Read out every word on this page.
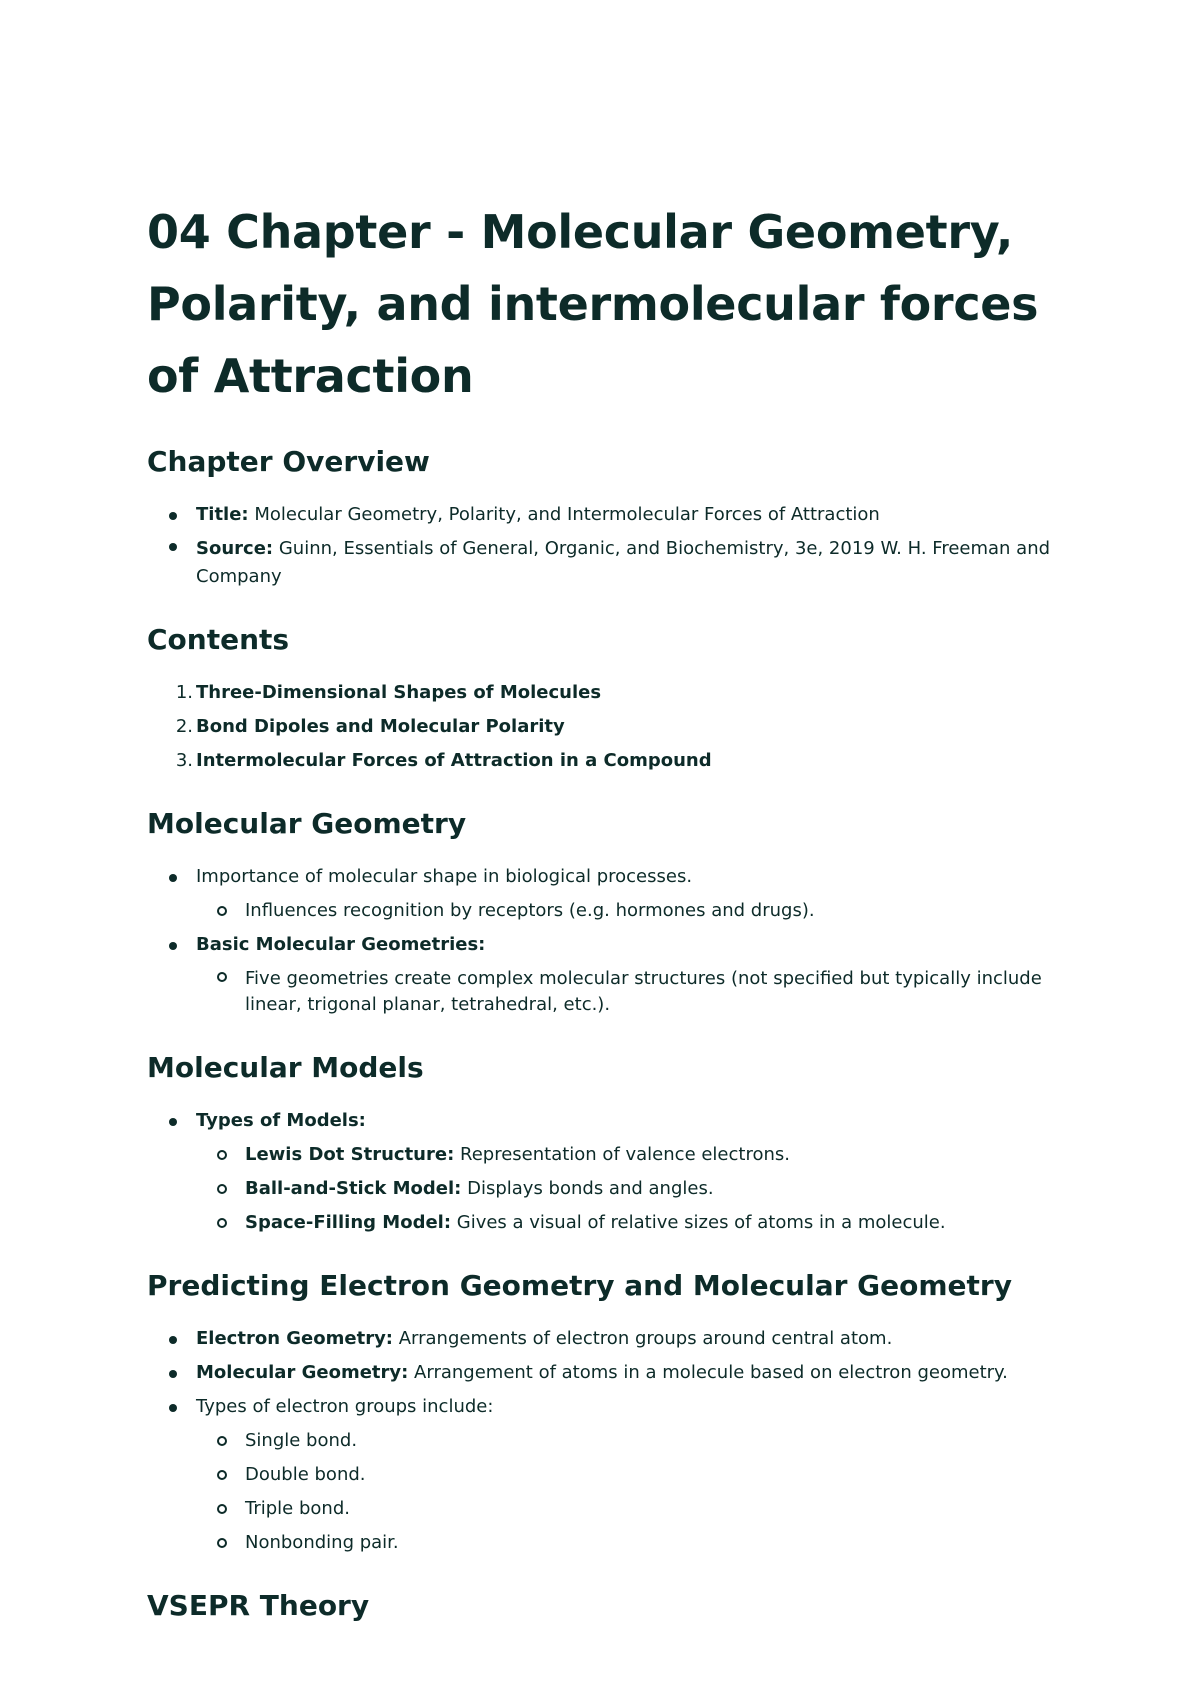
04 Chapter - Molecular Geometry, Polarity, and intermolecular forces of Attraction
Chapter Overview
Title: Molecular Geometry, Polarity, and Intermolecular Forces of Attraction
Source: Guinn, Essentials of General, Organic, and Biochemistry, 3e, 2019 W. H. Freeman and Company
Contents
1. Three-Dimensional Shapes of Molecules
2. Bond Dipoles and Molecular Polarity
3. Intermolecular Forces of Attraction in a Compound
Molecular Geometry
Importance of molecular shape in biological processes.
Influences recognition by receptors (e.g. hormones and drugs).
Basic Molecular Geometries:
Five geometries create complex molecular structures (not specified but typically include linear, trigonal planar, tetrahedral, etc.).
Molecular Models
Types of Models:
Lewis Dot Structure: Representation of valence electrons.
Ball-and-Stick Model: Displays bonds and angles.
Space-Filling Model: Gives a visual of relative sizes of atoms in a molecule.
Predicting Electron Geometry and Molecular Geometry
Electron Geometry: Arrangements of electron groups around central atom.
Molecular Geometry: Arrangement of atoms in a molecule based on electron geometry.
Types of electron groups include:
Single bond.
Double bond.
Triple bond.
Nonbonding pair.
VSEPR Theory
